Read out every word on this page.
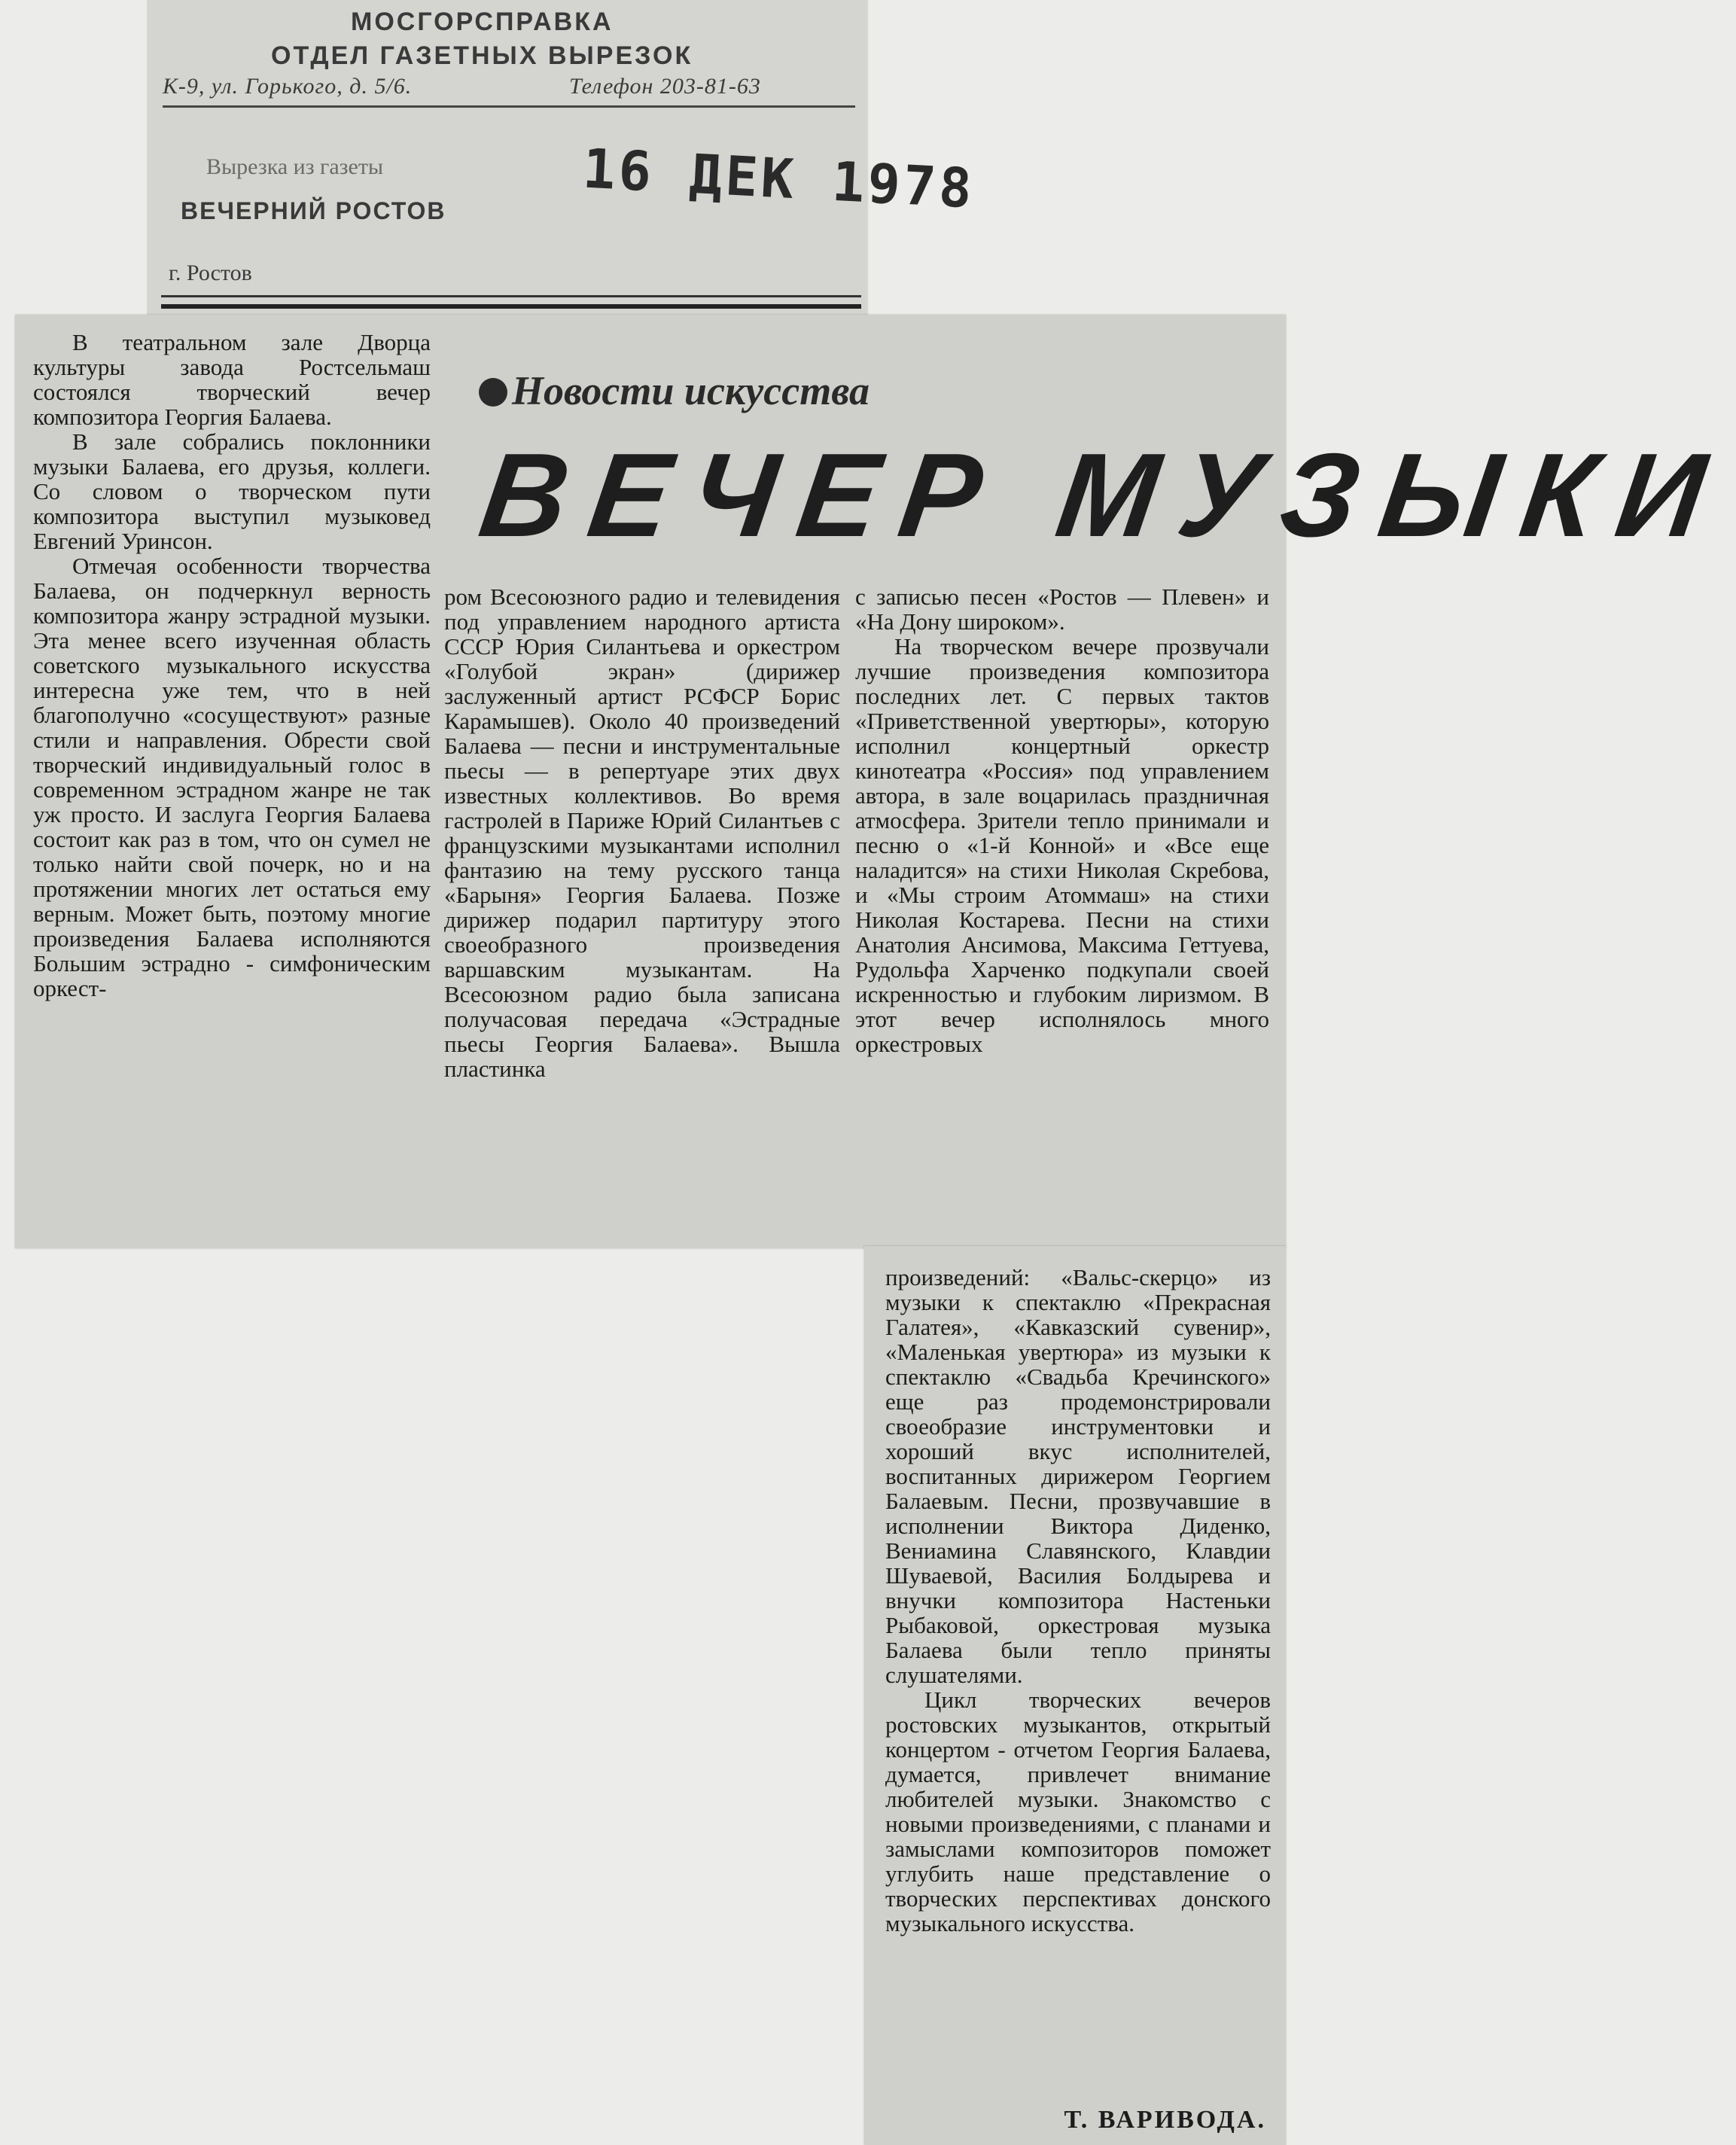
МОСГОРСПРАВКА
ОТДЕЛ ГАЗЕТНЫХ ВЫРЕЗОК
К-9, ул. Горького, д. 5/6.	Телефон 203-81-63
Вырезка из газеты
ВЕЧЕРНИЙ РОСТОВ 16 ДЕК 1978
г. Ростов

В театральном зале Дворца культуры завода Ростсельмаш состоялся творческий вечер композитора Георгия Балаева.

В зале собрались поклонники музыки Балаева, его друзья, коллеги. Со словом о творческом пути композитора выступил музыковед Евгений Уринсон.

Отмечая особенности творчества Балаева, он подчеркнул верность композитора жанру эстрадной музыки. Эта менее всего изученная область советского музыкального искусства интересна уже тем, что в ней благополучно «сосуществуют» разные стили и направления. Обрести свой творческий индивидуальный голос в современном эстрадном жанре не так уж просто. И заслуга Георгия Балаева состоит как раз в том, что он сумел не только найти свой почерк, но и на протяжении многих лет остаться ему верным. Может быть, поэтому многие произведения Балаева исполняются Большим эстрадно - симфоническим оркест-

Новости искусства
ВЕЧЕР МУЗЫКИ

ром Всесоюзного радио и телевидения под управлением народного артиста СССР Юрия Силантьева и оркестром «Голубой экран» (дирижер заслуженный артист РСФСР Борис Карамышев). Около 40 произведений Балаева — песни и инструментальные пьесы — в репертуаре этих двух известных коллективов. Во время гастролей в Париже Юрий Силантьев с французскими музыкантами исполнил фантазию на тему русского танца «Барыня» Георгия Балаева. Позже дирижер подарил партитуру этого своеобразного произведения варшавским музыкантам. На Всесоюзном радио была записана получасовая передача «Эстрадные пьесы Георгия Балаева». Вышла пластинка

с записью песен «Ростов — Плевен» и «На Дону широком».

На творческом вечере прозвучали лучшие произведения композитора последних лет. С первых тактов «Приветственной увертюры», которую исполнил концертный оркестр кинотеатра «Россия» под управлением автора, в зале воцарилась праздничная атмосфера. Зрители тепло принимали и песню о «1-й Конной» и «Все еще наладится» на стихи Николая Скребова, и «Мы строим Атоммаш» на стихи Николая Костарева. Песни на стихи Анатолия Ансимова, Максима Геттуева, Рудольфа Харченко подкупали своей искренностью и глубоким лиризмом. В этот вечер исполнялось много оркестровых

произведений: «Вальс-скерцо» из музыки к спектаклю «Прекрасная Галатея», «Кавказский сувенир», «Маленькая увертюра» из музыки к спектаклю «Свадьба Кречинского» еще раз продемонстрировали своеобразие инструментовки и хороший вкус исполнителей, воспитанных дирижером Георгием Балаевым. Песни, прозвучавшие в исполнении Виктора Диденко, Вениамина Славянского, Клавдии Шуваевой, Василия Болдырева и внучки композитора Настеньки Рыбаковой, оркестровая музыка Балаева были тепло приняты слушателями.

Цикл творческих вечеров ростовских музыкантов, открытый концертом - отчетом Георгия Балаева, думается, привлечет внимание любителей музыки. Знакомство с новыми произведениями, с планами и замыслами композиторов поможет углубить наше представление о творческих перспективах донского музыкального искусства.

Т. ВАРИВОДА.
